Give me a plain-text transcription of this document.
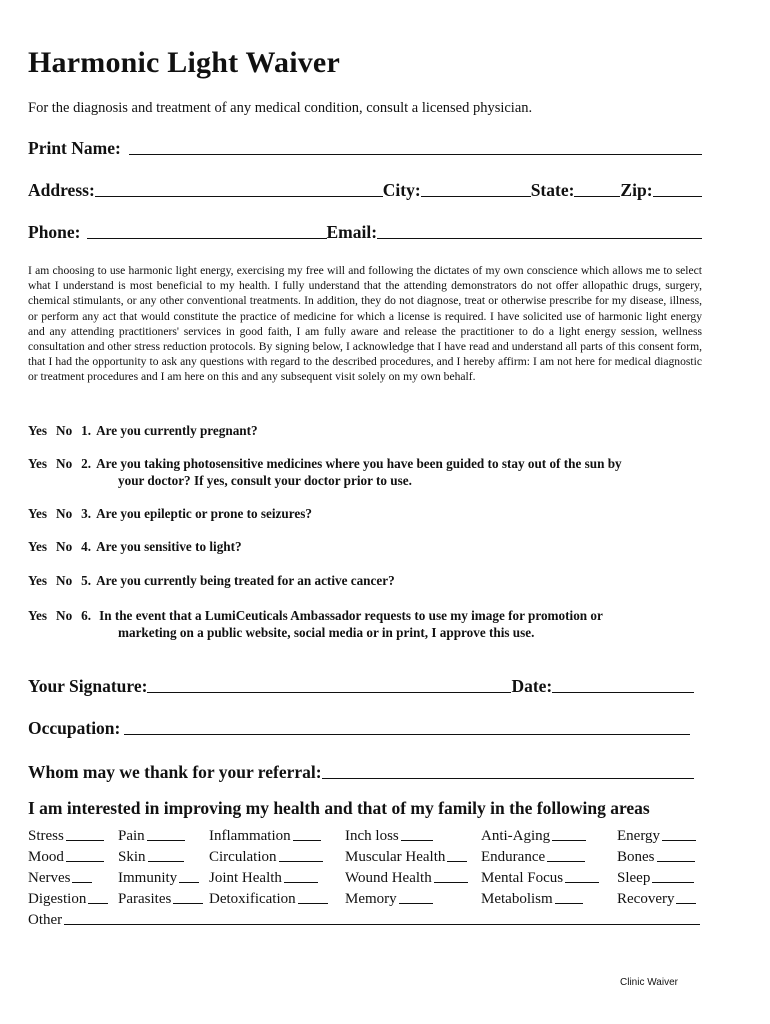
Harmonic Light Waiver
For the diagnosis and treatment of any medical condition, consult a licensed physician.
Print Name:
Address:	City:	State:	Zip:
Phone:	Email:
I am choosing to use harmonic light energy, exercising my free will and following the dictates of my own conscience which allows me to select what I understand is most beneficial to my health. I fully understand that the attending demonstrators do not offer allopathic drugs, surgery, chemical stimulants, or any other conventional treatments. In addition, they do not diagnose, treat or otherwise prescribe for my disease, illness, or perform any act that would constitute the practice of medicine for which a license is required. I have solicited use of harmonic light energy and any attending practitioners' services in good faith, I am fully aware and release the practitioner to do a light energy session, wellness consultation and other stress reduction protocols. By signing below, I acknowledge that I have read and understand all parts of this consent form, that I had the opportunity to ask any questions with regard to the described procedures, and I hereby affirm: I am not here for medical diagnostic or treatment procedures and I am here on this and any subsequent visit solely on my own behalf.
Yes No 1. Are you currently pregnant?
Yes No 2. Are you taking photosensitive medicines where you have been guided to stay out of the sun by
your doctor? If yes, consult your doctor prior to use.
Yes No 3. Are you epileptic or prone to seizures?
Yes No 4. Are you sensitive to light?
Yes No 5. Are you currently being treated for an active cancer?
Yes No 6. In the event that a LumiCeuticals Ambassador requests to use my image for promotion or
marketing on a public website, social media or in print, I approve this use.
Your Signature:	Date:
Occupation:
Whom may we thank for your referral:
I am interested in improving my health and that of my family in the following areas
Stress	Pain	Inflammation	Inch loss	Anti-Aging	Energy
Mood	Skin	Circulation	Muscular Health Endurance	Bones
Nerves	Immunity Joint Health	Wound Health	Mental Focus	Sleep
Digestion Parasites	Detoxification	Memory	Metabolism	Recovery
Other
Clinic Waiver
